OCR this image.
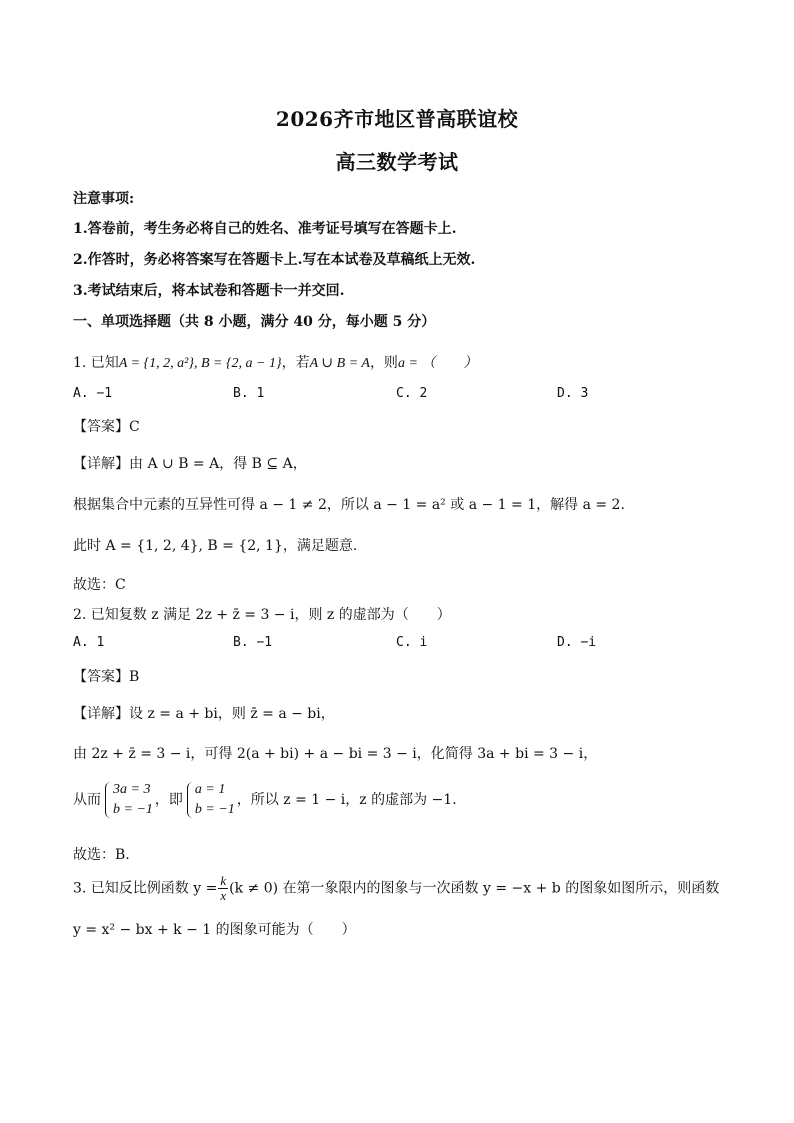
2026齐市地区普高联谊校
高三数学考试
注意事项:
1.答卷前，考生务必将自己的姓名、准考证号填写在答题卡上.
2.作答时，务必将答案写在答题卡上.写在本试卷及草稿纸上无效.
3.考试结束后，将本试卷和答题卡一并交回.
一、单项选择题（共 8 小题，满分 40 分，每小题 5 分）
1. 已知A = {1, 2, a²}, B = {2, a − 1}，若A ∪ B = A，则a = （　　）
A. −1	B. 1	C. 2	D. 3
【答案】C
【详解】由 A ∪ B = A，得 B ⊆ A，
根据集合中元素的互异性可得 a − 1 ≠ 2，所以 a − 1 = a² 或 a − 1 = 1，解得 a = 2.
此时 A = {1, 2, 4}, B = {2, 1}，满足题意.
故选：C
2. 已知复数 z 满足 2z + z̄ = 3 − i，则 z 的虚部为（　　）
A. 1	B. −1	C. i	D. −i
【答案】B
【详解】设 z = a + bi，则 z̄ = a − bi，
由 2z + z̄ = 3 − i，可得 2(a + bi) + a − bi = 3 − i，化简得 3a + bi = 3 − i，
从而
3a = 3
b = −1
，即
a = 1
b = −1
，所以 z = 1 − i，z 的虚部为 −1.
故选：B.
3. 已知反比例函数 $y = \frac{k}{x} (k \ne 0)$ 在第一象限内的图象与一次函数 y = −x + b 的图象如图所示，则函数
y = x² − bx + k − 1 的图象可能为（　　）
